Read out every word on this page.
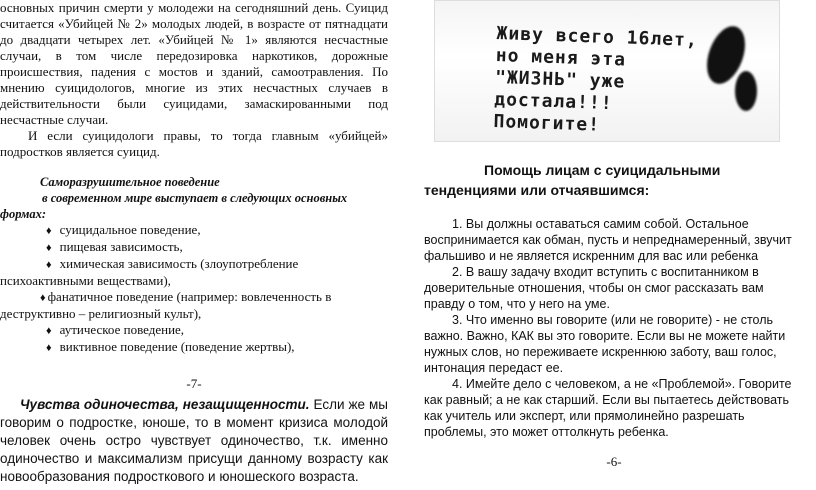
основных причин смерти у молодежи на сегодняшний день. Суицид считается «Убийцей № 2» молодых людей, в возрасте от пятнадцати до двадцати четырех лет. «Убийцей № 1» являются несчастные случаи, в том числе передозировка наркотиков, дорожные происшествия, падения с мостов и зданий, самоотравления. По мнению суицидологов, многие из этих несчастных случаев в действительности были суицидами, замаскированными под несчастные случаи.

И если суицидологи правы, то тогда главным «убийцей» подростков является суицид.

Саморазрушительное поведение

в современном мире выступает в следующих основных формах:

♦ суицидальное поведение,
♦ пищевая зависимость,
♦ химическая зависимость (злоупотребление психоактивными веществами),
♦ фанатичное поведение (например: вовлеченность в деструктивно – религиозный культ),
♦ аутическое поведение,
♦ виктивное поведение (поведение жертвы),
-7-

Чувства одиночества, незащищенности. Если же мы говорим о подростке, юноше, то в момент кризиса молодой человек очень остро чувствует одиночество, т.к. именно одиночество и максимализм присущи данному возрасту как новообразования подросткового и юношеского возраста.

Живу всего 16лет,
но меня эта
"ЖИЗНЬ" уже
достала!!!
Помогите!

Помощь лицам с суицидальными тенденциями или отчаявшимся:

1. Вы должны оставаться самим собой. Остальное воспринимается как обман, пусть и непреднамеренный, звучит фальшиво и не является искренним для вас или ребенка

2. В вашу задачу входит вступить с воспитанником в доверительные отношения, чтобы он смог рассказать вам правду о том, что у него на уме.

3. Что именно вы говорите (или не говорите) - не столь важно. Важно, КАК вы это говорите. Если вы не можете найти нужных слов, но переживаете искреннюю заботу, ваш голос, интонация передаст ее.

4. Имейте дело с человеком, а не «Проблемой». Говорите как равный; а не как старший. Если вы пытаетесь действовать как учитель или эксперт, или прямолинейно разрешать проблемы, это может оттолкнуть ребенка.

-6-
